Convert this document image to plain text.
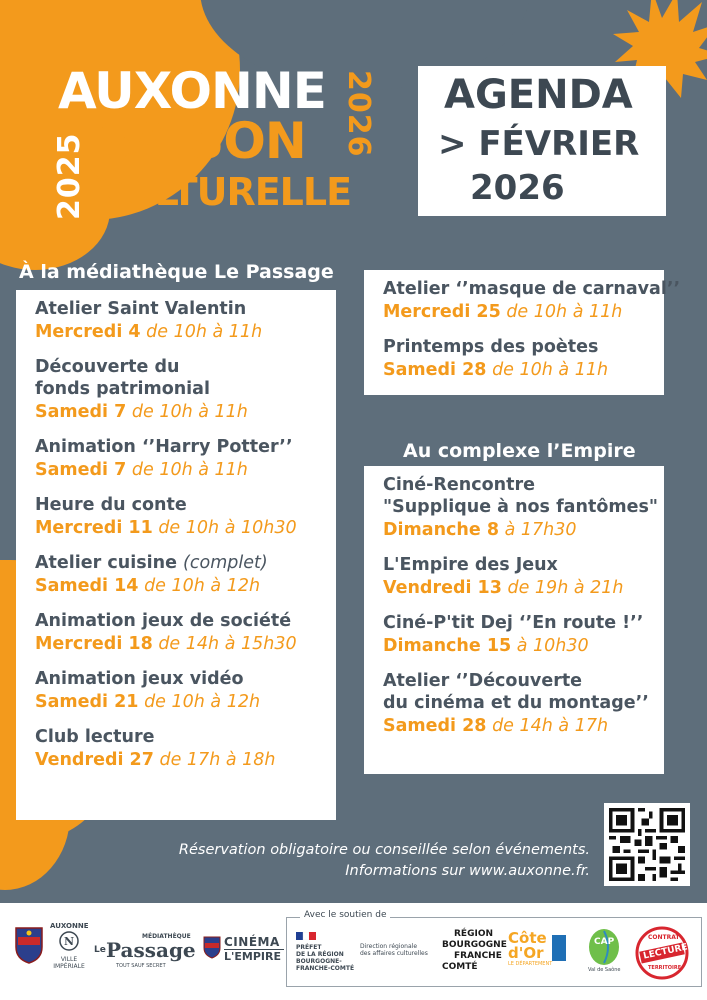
2025
AUXONNE
SAISON
CULTURELLE
2026 AGENDA
> FÉVRIER
2026
À la médiathèque Le Passage
Atelier Saint Valentin
Mercredi 4 de 10h à 11h
Découverte du
fonds patrimonial
Samedi 7 de 10h à 11h
Animation ‘’Harry Potter’’
Samedi 7 de 10h à 11h
Heure du conte
Mercredi 11 de 10h à 10h30
Atelier cuisine (complet)
Samedi 14 de 10h à 12h
Animation jeux de société
Mercredi 18 de 14h à 15h30
Animation jeux vidéo
Samedi 21 de 10h à 12h
Club lecture
Vendredi 27 de 17h à 18h
Atelier ‘’masque de carnaval’’
Mercredi 25 de 10h à 11h
Printemps des poètes
Samedi 28 de 10h à 11h
Au complexe l’Empire
Ciné-Rencontre
"Supplique à nos fantômes"
Dimanche 8 à 17h30
L'Empire des Jeux
Vendredi 13 de 19h à 21h
Ciné-P'tit Dej ‘’En route !’’
Dimanche 15 à 10h30
Atelier ‘’Découverte
du cinéma et du montage’’
Samedi 28 de 14h à 17h
Réservation obligatoire ou conseillée selon événements.
Informations sur www.auxonne.fr.
AUXONNE
N
VILLE
IMPÉRIALE
MÉDIATHÈQUE
Le Passage
TOUT SAUF SECRET
CINÉMA
L'EMPIRE
Avec le soutien de
PRÉFET
DE LA RÉGION
BOURGOGNE-
FRANCHE-COMTÉ
Direction régionale
des affaires culturelles
RÉGION
BOURGOGNE
FRANCHE
COMTÉ
Côte
d'Or
LE DÉPARTEMENT
CAP
Val de Saône
CONTRAT
LECTURE
TERRITOIRE
